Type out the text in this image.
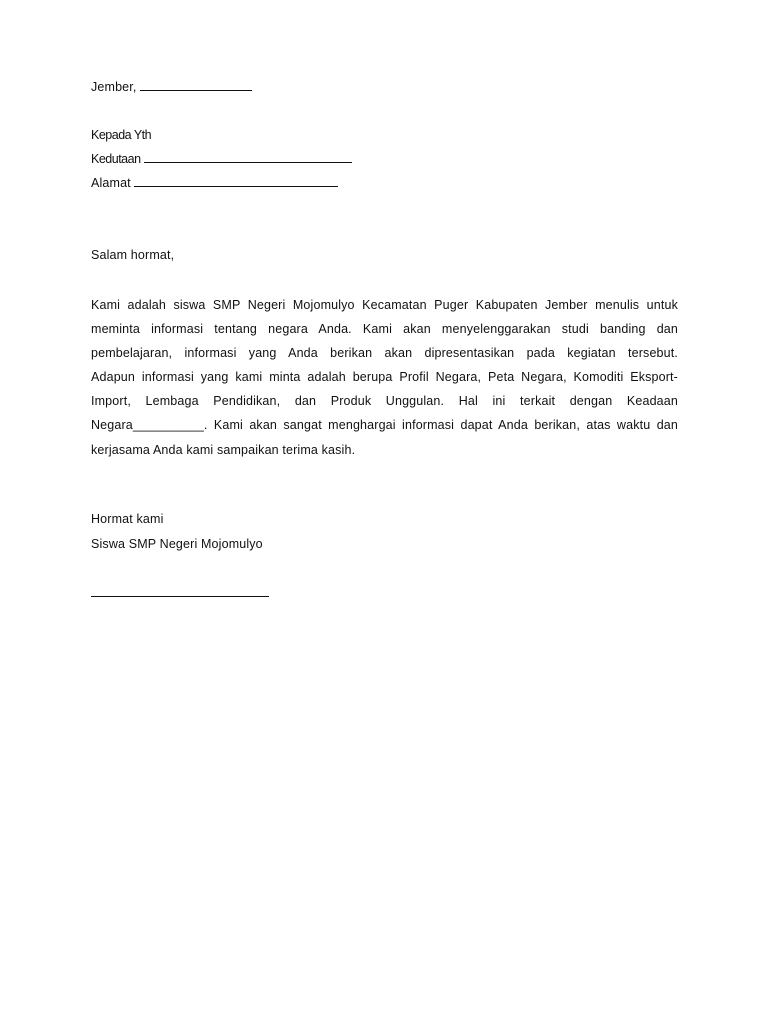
Jember,
Kepada Yth
Kedutaan
Alamat
Salam hormat,
Kami adalah siswa SMP Negeri Mojomulyo Kecamatan Puger Kabupaten Jember menulis untuk
meminta informasi tentang negara Anda. Kami akan menyelenggarakan studi banding dan
pembelajaran, informasi yang Anda berikan akan dipresentasikan pada kegiatan tersebut.
Adapun informasi yang kami minta adalah berupa Profil Negara, Peta Negara, Komoditi Eksport-
Import, Lembaga Pendidikan, dan Produk Unggulan. Hal ini terkait dengan Keadaan
Negara__________. Kami akan sangat menghargai informasi dapat Anda berikan, atas waktu dan
kerjasama Anda kami sampaikan terima kasih.
Hormat kami
Siswa SMP Negeri Mojomulyo
